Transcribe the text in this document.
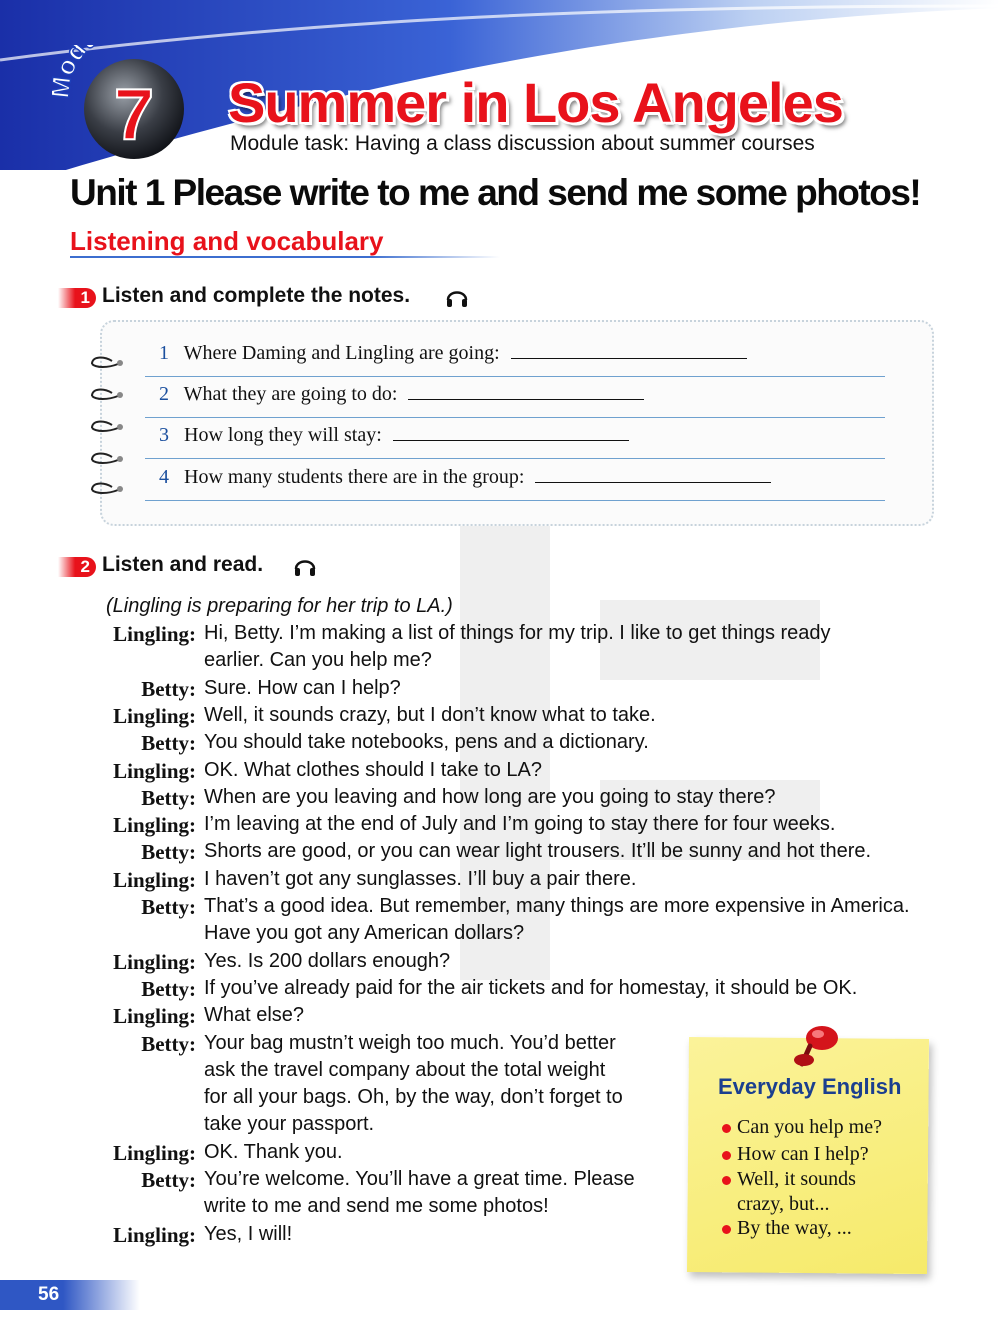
od
7 Summer in Los Angeles
Module task: Having a class discussion about summer courses
Unit 1 Please write to me and send me some photos!
Listening and vocabulary
1 Listen and complete the notes.
1 Where Daming and Lingling are going:
2 What they are going to do:
3 How long they will stay:
4 How many students there are in the group:
2 Listen and read.
(Lingling is preparing for her trip to LA.)
Lingling: Hi, Betty. I’m making a list of things for my trip. I like to get things ready
earlier. Can you help me?
Betty: Sure. How can I help?
Lingling: Well, it sounds crazy, but I don’t know what to take.
Betty: You should take notebooks, pens and a dictionary.
Lingling: OK. What clothes should I take to LA?
Betty: When are you leaving and how long are you going to stay there?
Lingling: I’m leaving at the end of July and I’m going to stay there for four weeks.
Betty: Shorts are good, or you can wear light trousers. It’ll be sunny and hot there.
Lingling: I haven’t got any sunglasses. I’ll buy a pair there.
Betty: That’s a good idea. But remember, many things are more expensive in America.
Have you got any American dollars?
Lingling: Yes. Is 200 dollars enough?
Betty: If you’ve already paid for the air tickets and for homestay, it should be OK.
Lingling: What else?
Betty: Your bag mustn’t weigh too much. You’d better
ask the travel company about the total weight
for all your bags. Oh, by the way, don’t forget to
take your passport.
Lingling: OK. Thank you.
Betty: You’re welcome. You’ll have a great time. Please
write to me and send me some photos!
Lingling: Yes, I will!
Everyday English
Can you help me?
How can I help?
Well, it sounds
crazy, but...
By the way, ...
56
